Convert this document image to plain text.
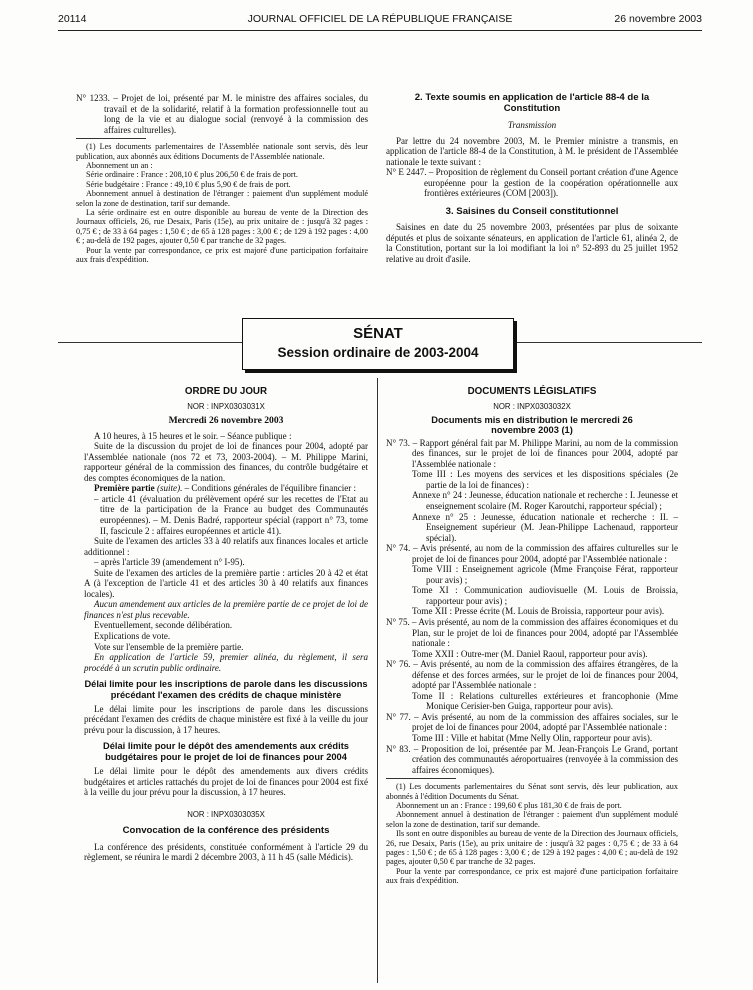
20114	JOURNAL OFFICIEL DE LA RÉPUBLIQUE FRANÇAISE	26 novembre 2003

N° 1233. – Projet de loi, présenté par M. le ministre des affaires sociales, du travail et de la solidarité, relatif à la formation professionnelle tout au long de la vie et au dialogue social (renvoyé à la commission des affaires culturelles).

(1) Les documents parlementaires de l'Assemblée nationale sont servis, dès leur publication, aux abonnés aux éditions Documents de l'Assemblée nationale.

Abonnement un an :

Série ordinaire : France : 208,10 € plus 206,50 € de frais de port.

Série budgétaire : France : 49,10 € plus 5,90 € de frais de port.

Abonnement annuel à destination de l'étranger : paiement d'un supplément modulé selon la zone de destination, tarif sur demande.

La série ordinaire est en outre disponible au bureau de vente de la Direction des Journaux officiels, 26, rue Desaix, Paris (15e), au prix unitaire de : jusqu'à 32 pages : 0,75 € ; de 33 à 64 pages : 1,50 € ; de 65 à 128 pages : 3,00 € ; de 129 à 192 pages : 4,00 € ; au-delà de 192 pages, ajouter 0,50 € par tranche de 32 pages.

Pour la vente par correspondance, ce prix est majoré d'une participation forfaitaire aux frais d'expédition.

2. Texte soumis en application de l'article 88-4 de la Constitution

Transmission

Par lettre du 24 novembre 2003, M. le Premier ministre a transmis, en application de l'article 88-4 de la Constitution, à M. le président de l'Assemblée nationale le texte suivant :

N° E 2447. – Proposition de règlement du Conseil portant création d'une Agence européenne pour la gestion de la coopération opérationnelle aux frontières extérieures (COM [2003]).

3. Saisines du Conseil constitutionnel

Saisines en date du 25 novembre 2003, présentées par plus de soixante députés et plus de soixante sénateurs, en application de l'article 61, alinéa 2, de la Constitution, portant sur la loi modifiant la loi n° 52-893 du 25 juillet 1952 relative au droit d'asile.

SÉNAT
Session ordinaire de 2003-2004

ORDRE DU JOUR

NOR : INPX0303031X

Mercredi 26 novembre 2003

A 10 heures, à 15 heures et le soir. – Séance publique :

Suite de la discussion du projet de loi de finances pour 2004, adopté par l'Assemblée nationale (nos 72 et 73, 2003-2004). – M. Philippe Marini, rapporteur général de la commission des finances, du contrôle budgétaire et des comptes économiques de la nation.

Première partie (suite). – Conditions générales de l'équilibre financier :

– article 41 (évaluation du prélèvement opéré sur les recettes de l'Etat au titre de la participation de la France au budget des Communautés européennes). – M. Denis Badré, rapporteur spécial (rapport n° 73, tome II, fascicule 2 : affaires européennes et article 41).

Suite de l'examen des articles 33 à 40 relatifs aux finances locales et article additionnel :

– après l'article 39 (amendement n° I-95).

Suite de l'examen des articles de la première partie : articles 20 à 42 et état A (à l'exception de l'article 41 et des articles 30 à 40 relatifs aux finances locales).

Aucun amendement aux articles de la première partie de ce projet de loi de finances n'est plus recevable.

Eventuellement, seconde délibération.

Explications de vote.

Vote sur l'ensemble de la première partie.

En application de l'article 59, premier alinéa, du règlement, il sera procédé à un scrutin public ordinaire.

Délai limite pour les inscriptions de parole dans les discussions précédant l'examen des crédits de chaque ministère

Le délai limite pour les inscriptions de parole dans les discussions précédant l'examen des crédits de chaque ministère est fixé à la veille du jour prévu pour la discussion, à 17 heures.

Délai limite pour le dépôt des amendements aux crédits budgétaires pour le projet de loi de finances pour 2004

Le délai limite pour le dépôt des amendements aux divers crédits budgétaires et articles rattachés du projet de loi de finances pour 2004 est fixé à la veille du jour prévu pour la discussion, à 17 heures.

NOR : INPX0303035X

Convocation de la conférence des présidents

La conférence des présidents, constituée conformément à l'article 29 du règlement, se réunira le mardi 2 décembre 2003, à 11 h 45 (salle Médicis).

DOCUMENTS LÉGISLATIFS

NOR : INPX0303032X

Documents mis en distribution le mercredi 26 novembre 2003 (1)

N° 73. – Rapport général fait par M. Philippe Marini, au nom de la commission des finances, sur le projet de loi de finances pour 2004, adopté par l'Assemblée nationale :

Tome III : Les moyens des services et les dispositions spéciales (2e partie de la loi de finances) :

Annexe n° 24 : Jeunesse, éducation nationale et recherche : I. Jeunesse et enseignement scolaire (M. Roger Karoutchi, rapporteur spécial) ;

Annexe n° 25 : Jeunesse, éducation nationale et recherche : II. – Enseignement supérieur (M. Jean-Philippe Lachenaud, rapporteur spécial).

N° 74. – Avis présenté, au nom de la commission des affaires culturelles sur le projet de loi de finances pour 2004, adopté par l'Assemblée nationale :

Tome VIII : Enseignement agricole (Mme Françoise Férat, rapporteur pour avis) ;

Tome XI : Communication audiovisuelle (M. Louis de Broissia, rapporteur pour avis) ;

Tome XII : Presse écrite (M. Louis de Broissia, rapporteur pour avis).

N° 75. – Avis présenté, au nom de la commission des affaires économiques et du Plan, sur le projet de loi de finances pour 2004, adopté par l'Assemblée nationale :

Tome XXII : Outre-mer (M. Daniel Raoul, rapporteur pour avis).

N° 76. – Avis présenté, au nom de la commission des affaires étrangères, de la défense et des forces armées, sur le projet de loi de finances pour 2004, adopté par l'Assemblée nationale :

Tome II : Relations culturelles extérieures et francophonie (Mme Monique Cerisier-ben Guiga, rapporteur pour avis).

N° 77. – Avis présenté, au nom de la commission des affaires sociales, sur le projet de loi de finances pour 2004, adopté par l'Assemblée nationale :

Tome III : Ville et habitat (Mme Nelly Olin, rapporteur pour avis).

N° 83. – Proposition de loi, présentée par M. Jean-François Le Grand, portant création des communautés aéroportuaires (renvoyée à la commission des affaires économiques).

(1) Les documents parlementaires du Sénat sont servis, dès leur publication, aux abonnés à l'édition Documents du Sénat.

Abonnement un an : France : 199,60 € plus 181,30 € de frais de port.

Abonnement annuel à destination de l'étranger : paiement d'un supplément modulé selon la zone de destination, tarif sur demande.

Ils sont en outre disponibles au bureau de vente de la Direction des Journaux officiels, 26, rue Desaix, Paris (15e), au prix unitaire de : jusqu'à 32 pages : 0,75 € ; de 33 à 64 pages : 1,50 € ; de 65 à 128 pages : 3,00 € ; de 129 à 192 pages : 4,00 € ; au-delà de 192 pages, ajouter 0,50 € par tranche de 32 pages.

Pour la vente par correspondance, ce prix est majoré d'une participation forfaitaire aux frais d'expédition.
